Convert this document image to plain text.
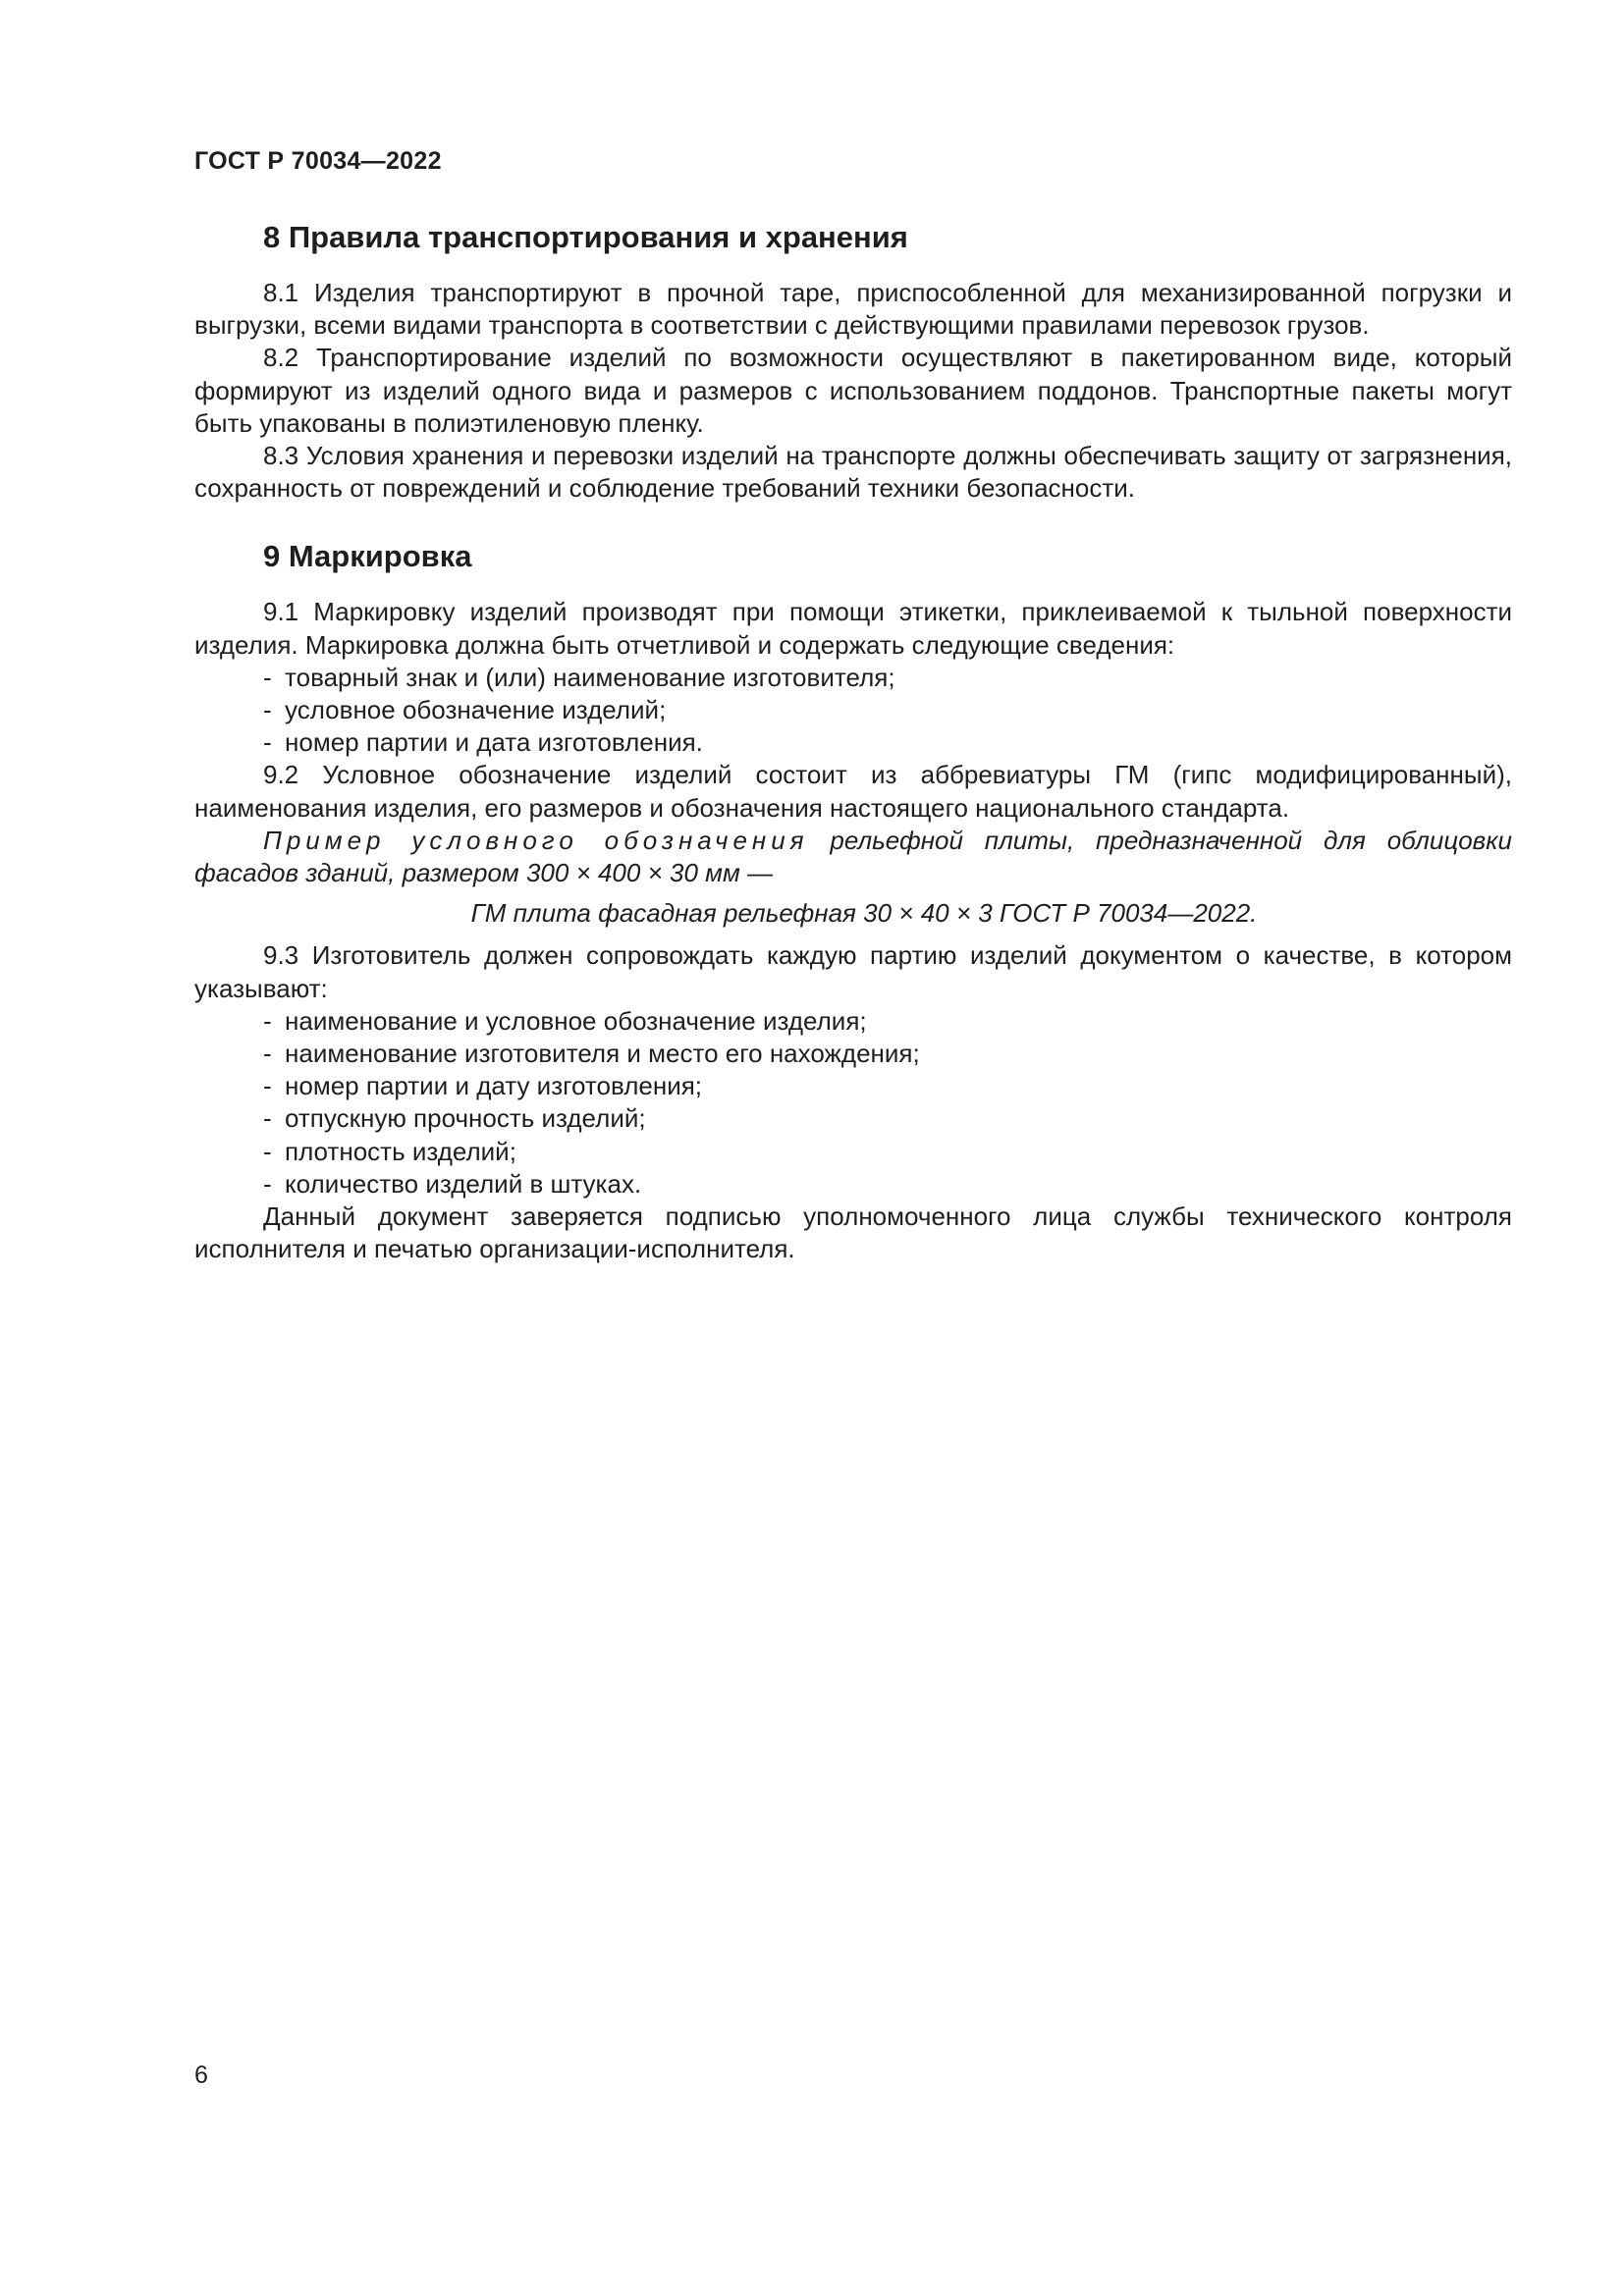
ГОСТ Р 70034—2022
8 Правила транспортирования и хранения

8.1 Изделия транспортируют в прочной таре, приспособленной для механизированной погрузки и выгрузки, всеми видами транспорта в соответствии с действующими правилами перевозок грузов.

8.2 Транспортирование изделий по возможности осуществляют в пакетированном виде, который формируют из изделий одного вида и размеров с использованием поддонов. Транспортные пакеты могут быть упакованы в полиэтиленовую пленку.

8.3 Условия хранения и перевозки изделий на транспорте должны обеспечивать защиту от загрязнения, сохранность от повреждений и соблюдение требований техники безопасности.

9 Маркировка

9.1 Маркировку изделий производят при помощи этикетки, приклеиваемой к тыльной поверхности изделия. Маркировка должна быть отчетливой и содержать следующие сведения:

- товарный знак и (или) наименование изготовителя;
- условное обозначение изделий;
- номер партии и дата изготовления.

9.2 Условное обозначение изделий состоит из аббревиатуры ГМ (гипс модифицированный), наименования изделия, его размеров и обозначения настоящего национального стандарта.

Пример условного обозначения рельефной плиты, предназначенной для облицовки фасадов зданий, размером 300 × 400 × 30 мм —

ГМ плита фасадная рельефная 30 × 40 × 3 ГОСТ Р 70034—2022.

9.3 Изготовитель должен сопровождать каждую партию изделий документом о качестве, в котором указывают:

- наименование и условное обозначение изделия;
- наименование изготовителя и место его нахождения;
- номер партии и дату изготовления;
- отпускную прочность изделий;
- плотность изделий;
- количество изделий в штуках.

Данный документ заверяется подписью уполномоченного лица службы технического контроля исполнителя и печатью организации-исполнителя.

6
